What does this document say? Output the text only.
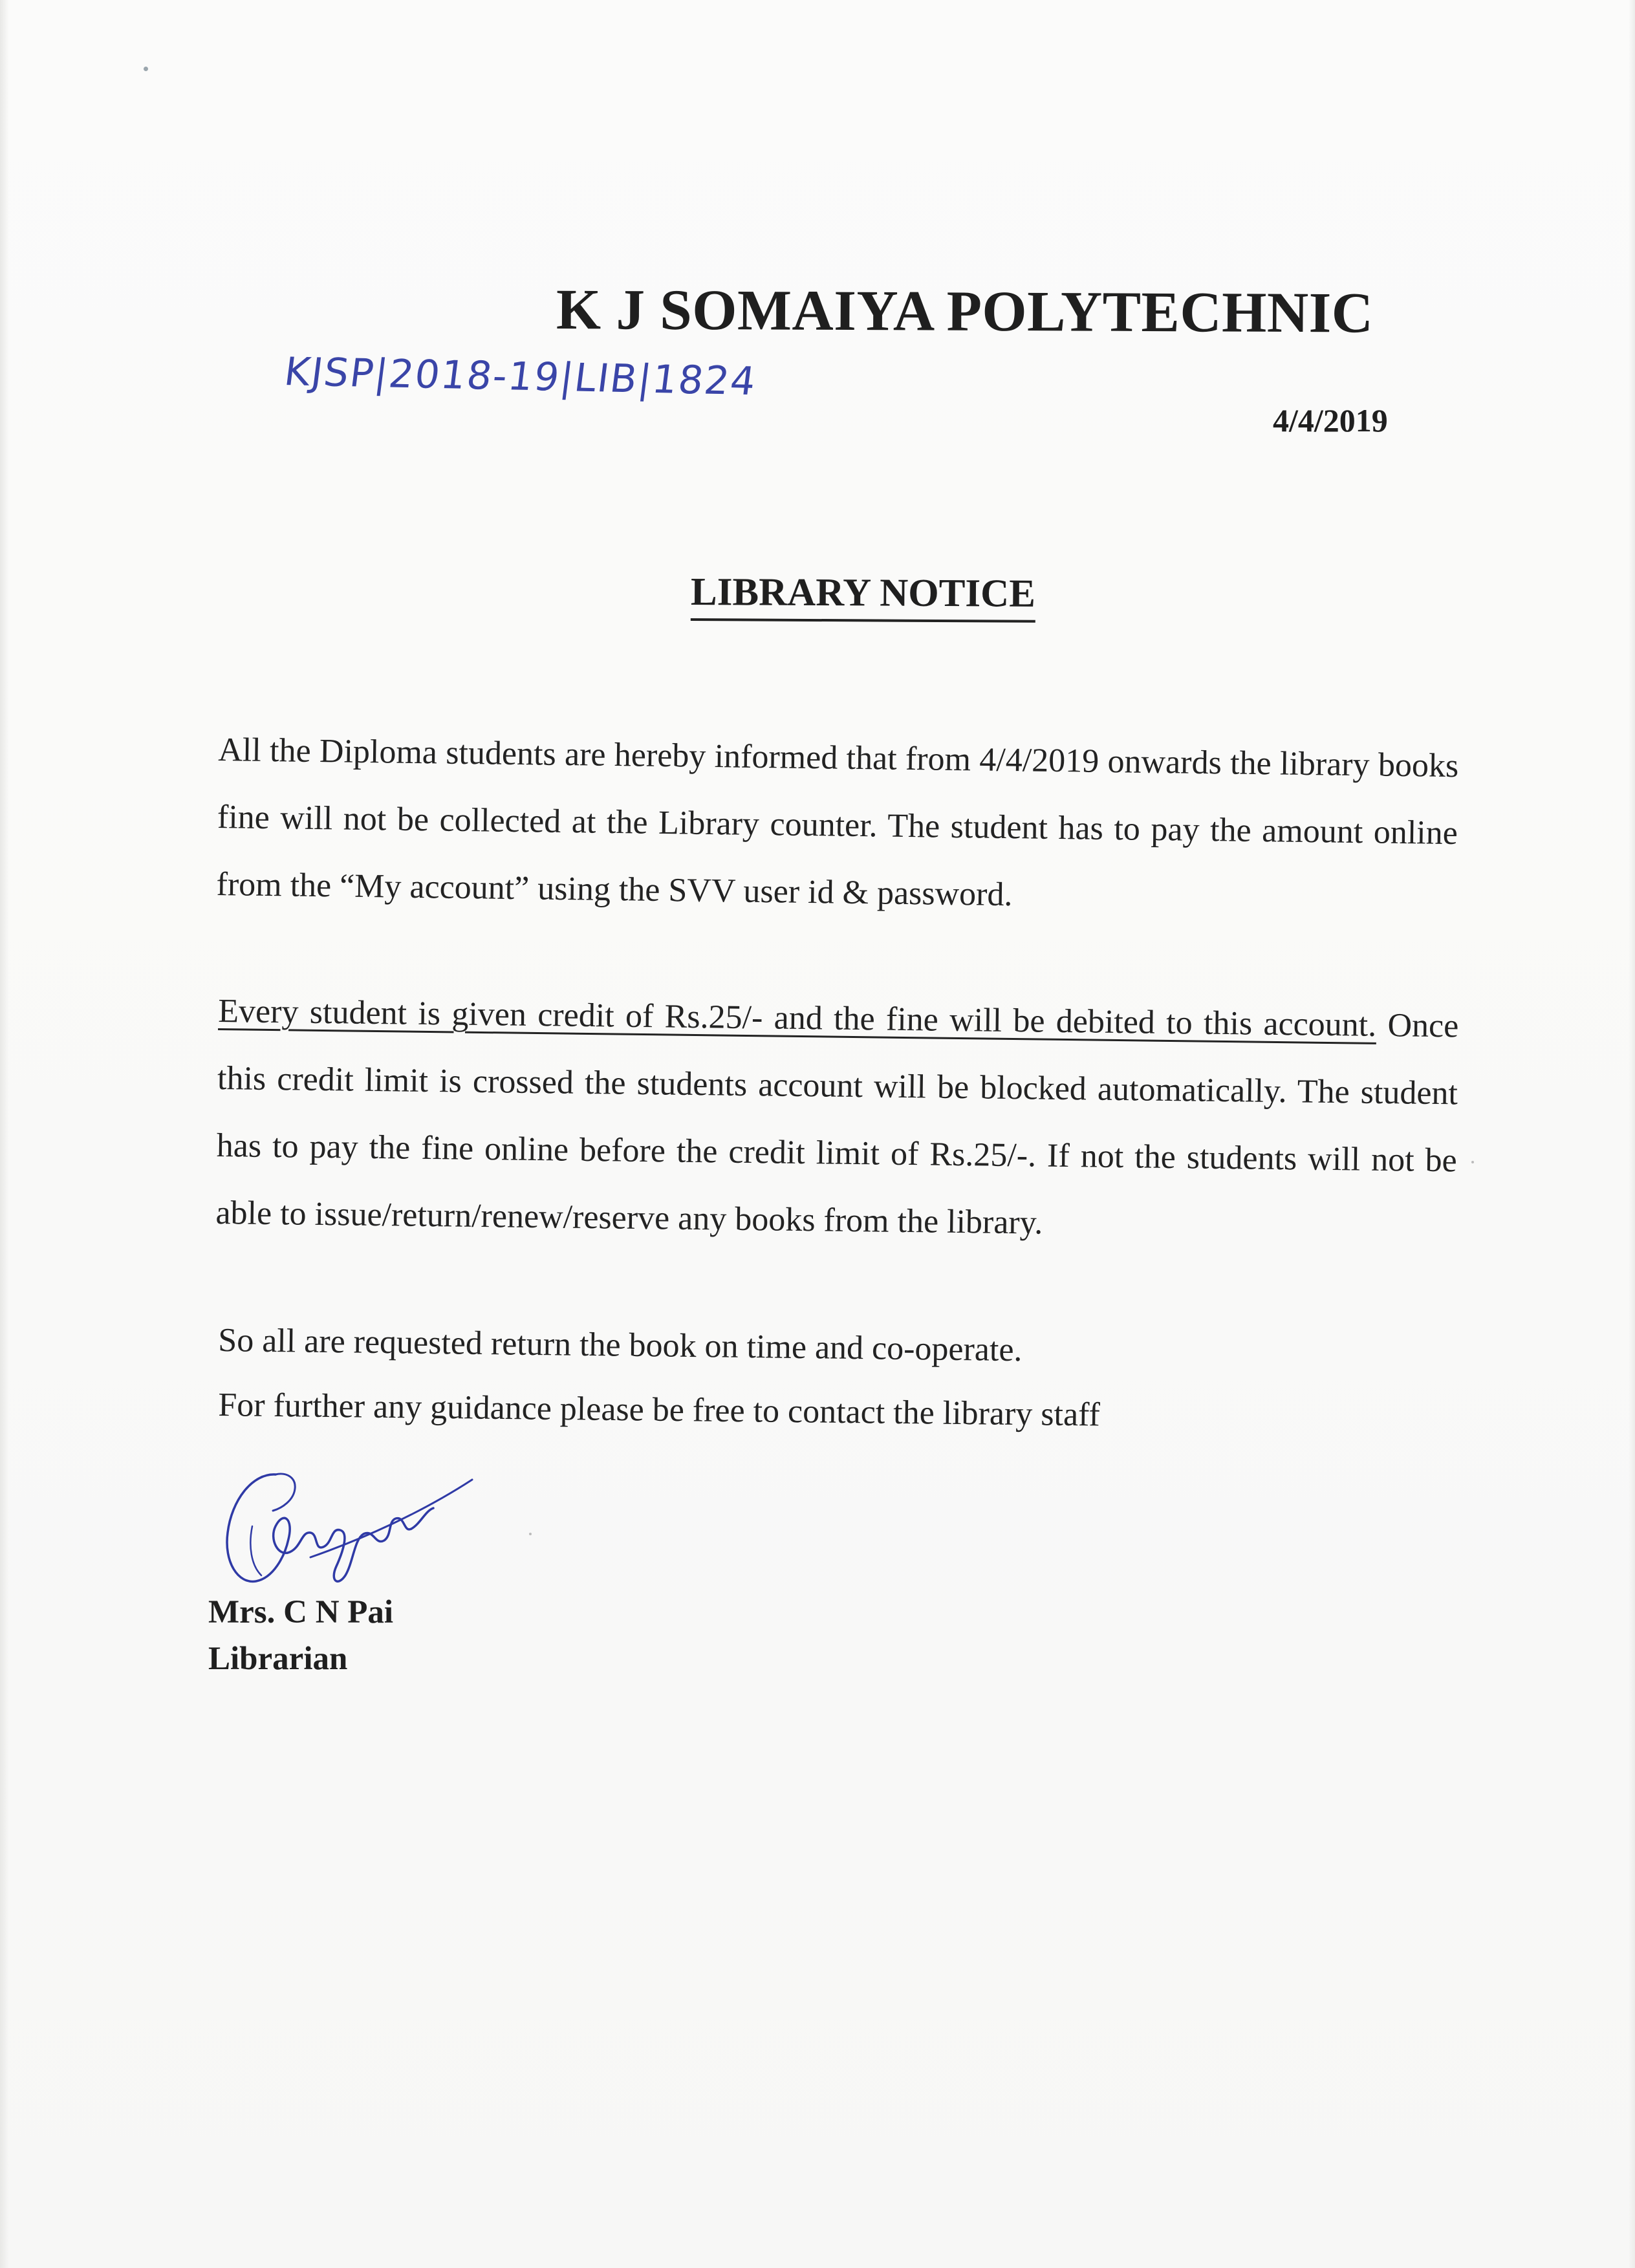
K J SOMAIYA POLYTECHNIC
KJSP|2018-19|LIB|1824
4/4/2019
LIBRARY NOTICE
All the Diploma students are hereby informed that from 4/4/2019 onwards the library books fine will not be collected at the Library counter. The student has to pay the amount online from the “My account” using the SVV user id & password.
Every student is given credit of Rs.25/- and the fine will be debited to this account. Once this credit limit is crossed the students account will be blocked automatically. The student has to pay the fine online before the credit limit of Rs.25/-. If not the students will not be able to issue/return/renew/reserve any books from the library.
So all are requested return the book on time and co-operate.
For further any guidance please be free to contact the library staff
Mrs. C N Pai
Librarian
